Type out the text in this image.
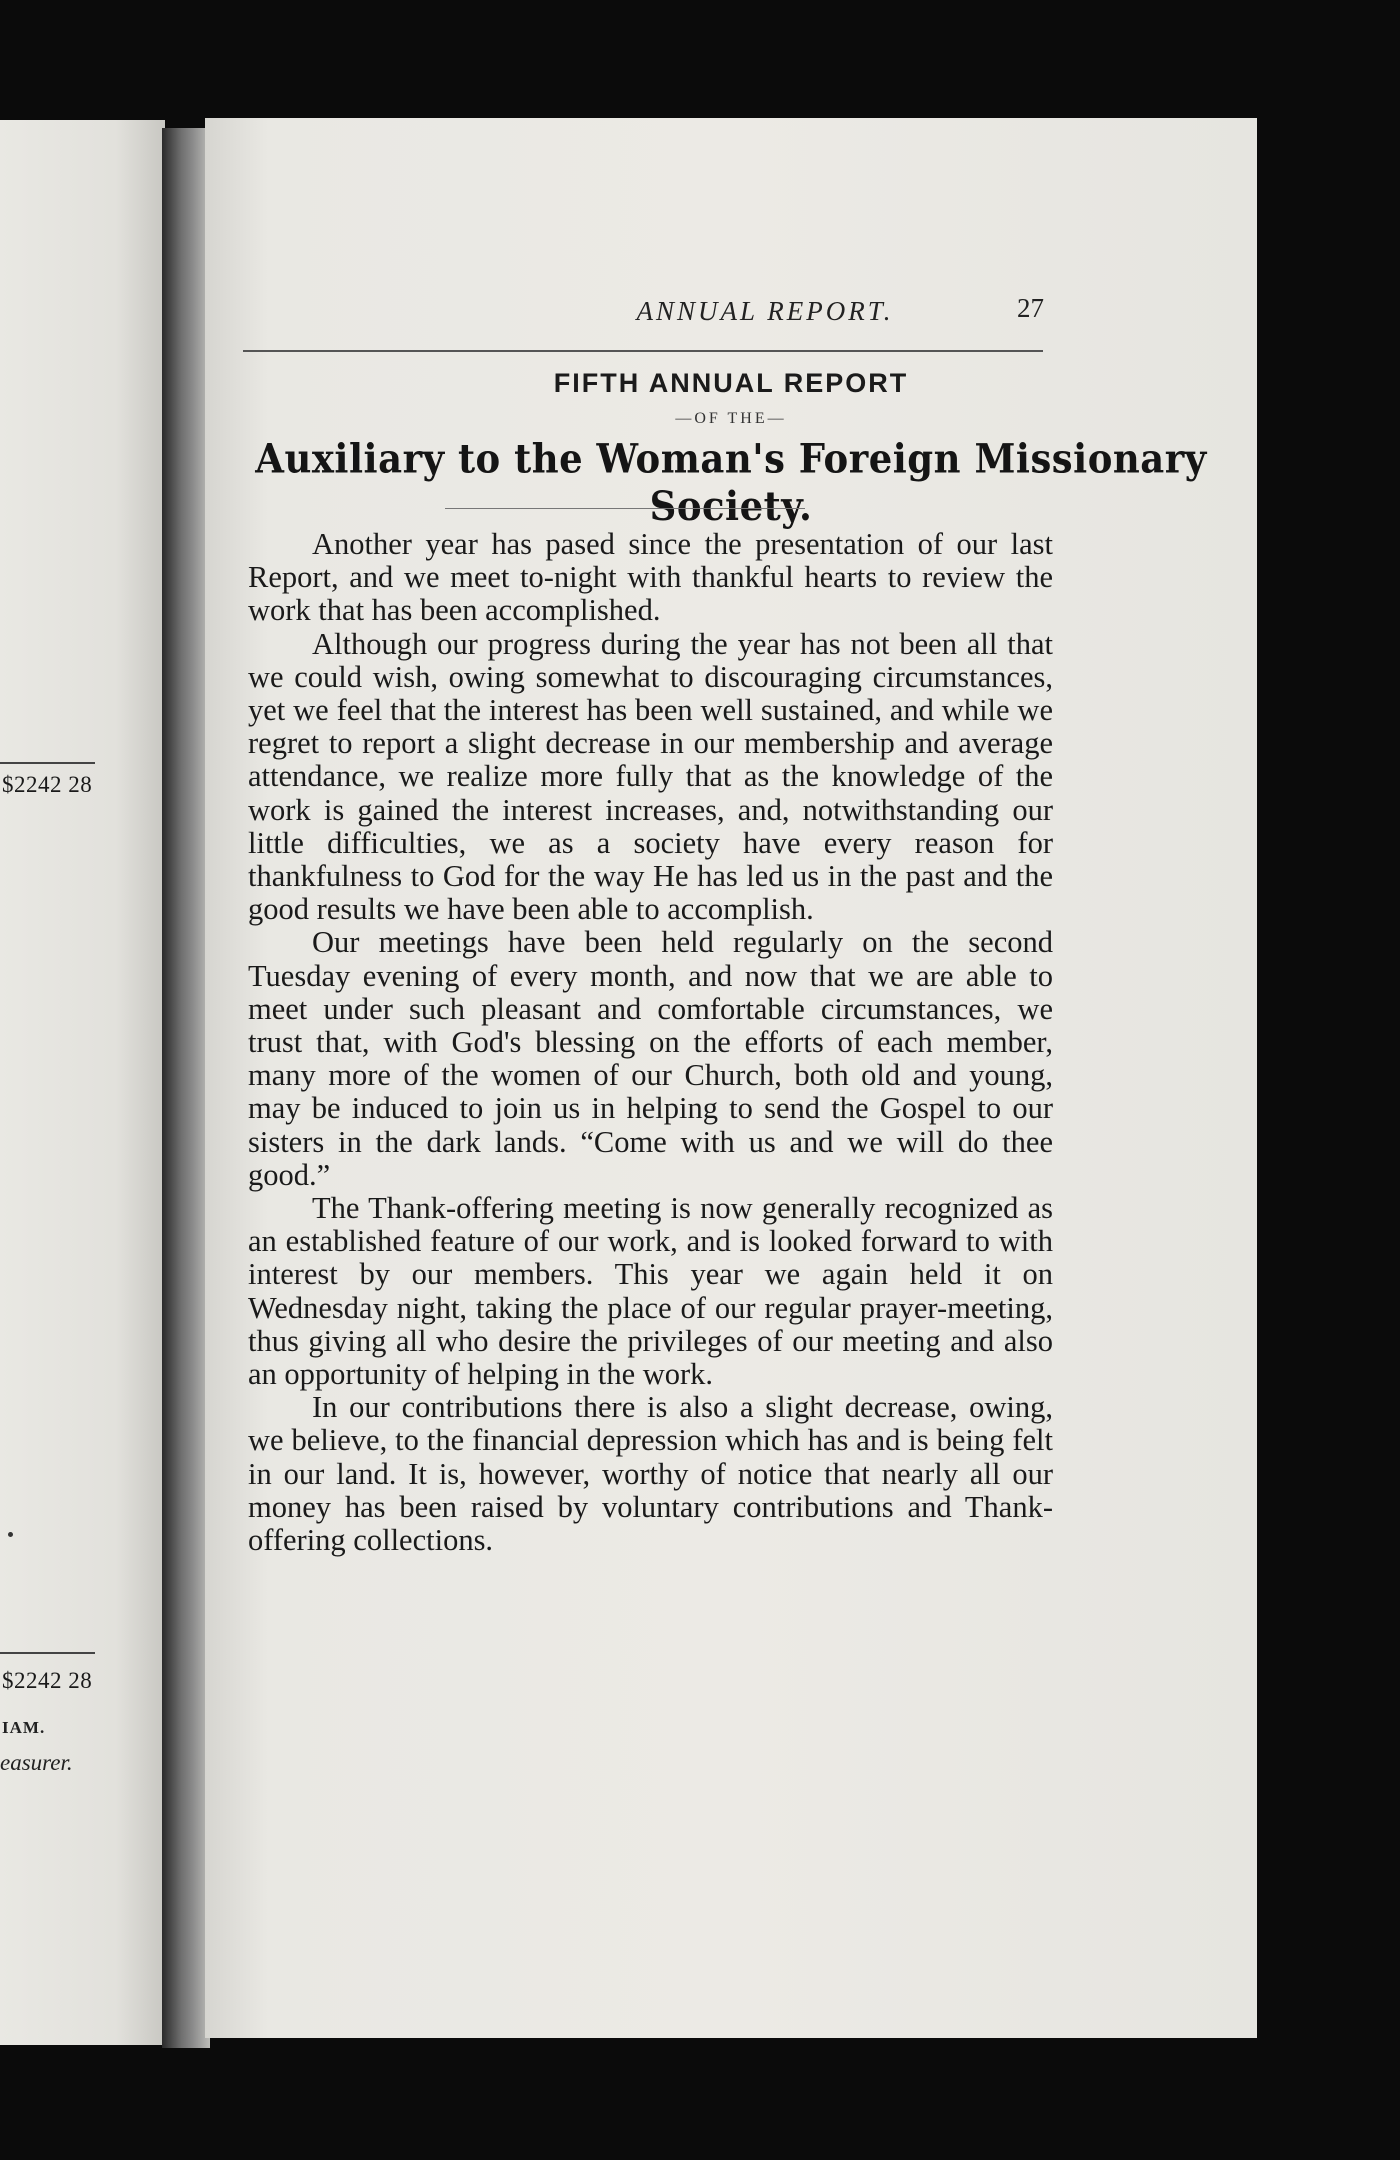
$2242 28
$2242 28
IAM.
easurer.
ANNUAL REPORT.	27
FIFTH ANNUAL REPORT
—OF THE—
Auxiliary to the Woman's Foreign Missionary Society.

Another year has pased since the presentation of our last Report, and we meet to-night with thankful hearts to review the work that has been accomplished.

Although our progress during the year has not been all that we could wish, owing somewhat to discouraging circumstances, yet we feel that the interest has been well sustained, and while we regret to report a slight decrease in our membership and average attendance, we realize more fully that as the knowledge of the work is gained the interest increases, and, notwithstanding our little difficulties, we as a society have every reason for thankfulness to God for the way He has led us in the past and the good results we have been able to accomplish.

Our meetings have been held regularly on the second Tuesday evening of every month, and now that we are able to meet under such pleasant and comfortable circumstances, we trust that, with God's blessing on the efforts of each member, many more of the women of our Church, both old and young, may be induced to join us in helping to send the Gospel to our sisters in the dark lands. “Come with us and we will do thee good.”

The Thank-offering meeting is now generally recognized as an established feature of our work, and is looked forward to with interest by our members. This year we again held it on Wednesday night, taking the place of our regular prayer-meeting, thus giving all who desire the privileges of our meeting and also an opportunity of helping in the work.

In our contributions there is also a slight decrease, owing, we believe, to the financial depression which has and is being felt in our land. It is, however, worthy of notice that nearly all our money has been raised by voluntary contributions and Thank-offering collections.
